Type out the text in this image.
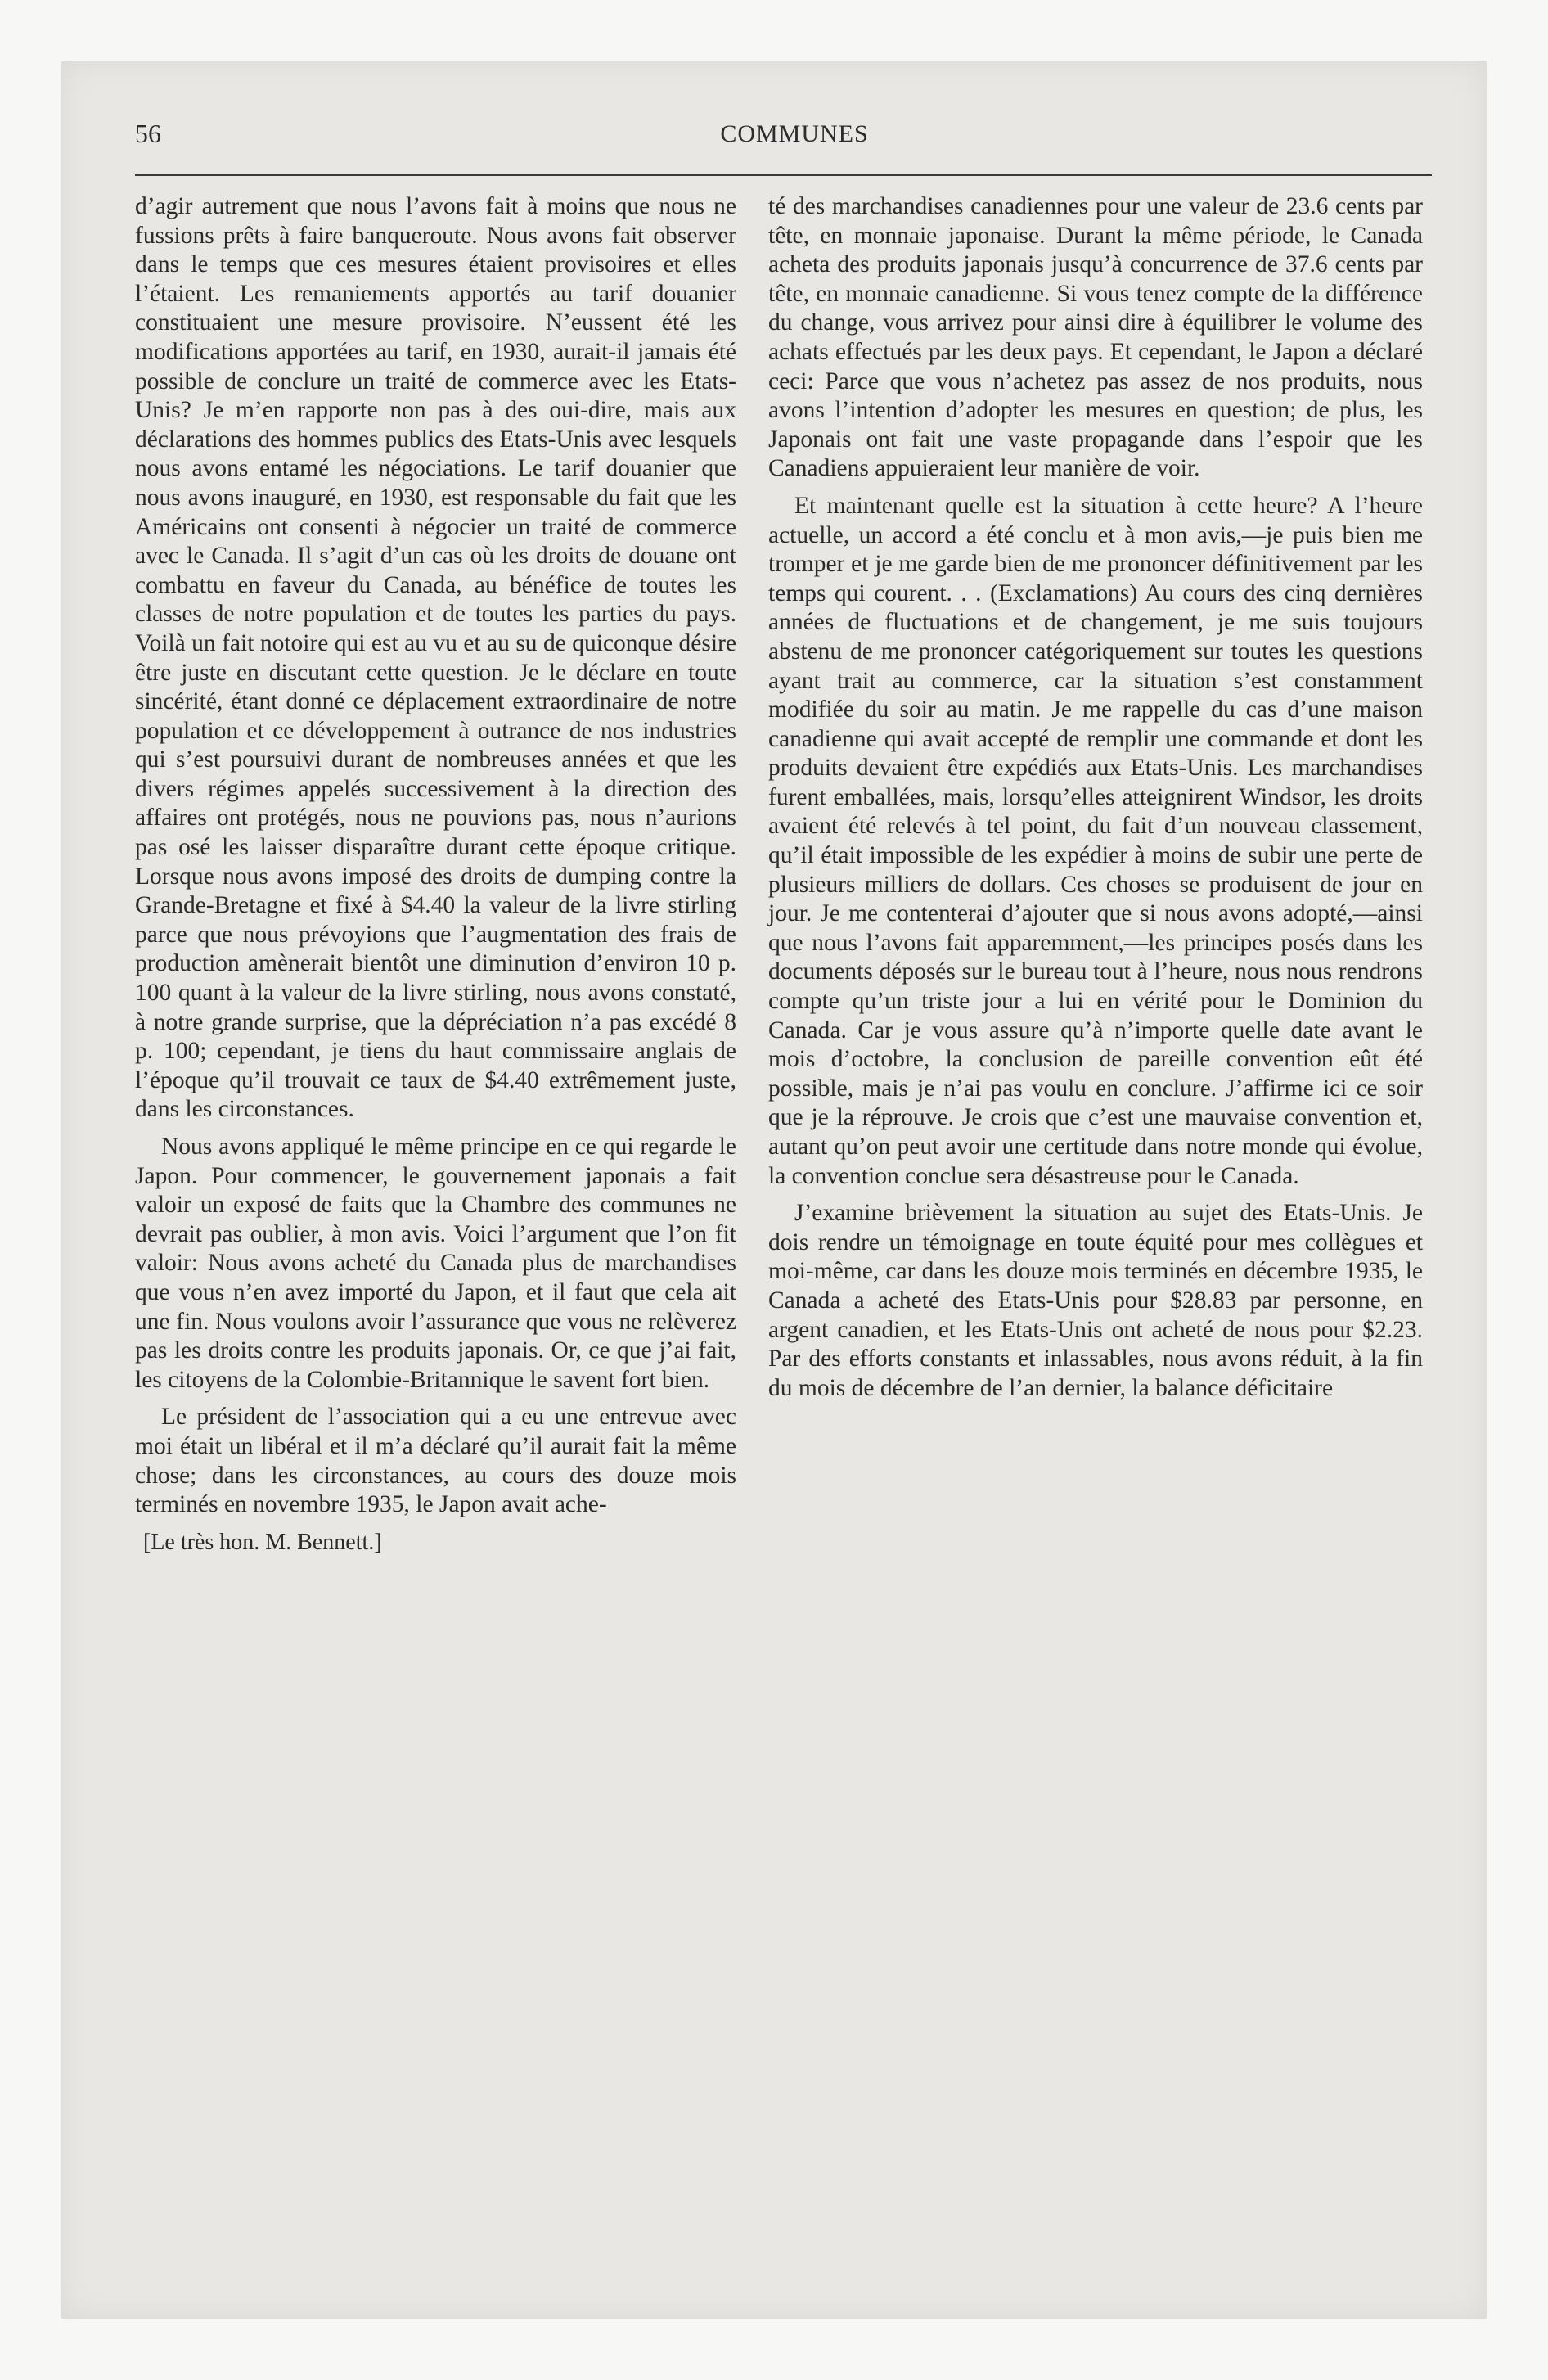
56	COMMUNES

d’agir autrement que nous l’avons fait à moins que nous ne fussions prêts à faire banqueroute. Nous avons fait observer dans le temps que ces mesures étaient provisoires et elles l’étaient. Les remaniements apportés au tarif douanier constituaient une mesure provisoire. N’eussent été les modifications apportées au tarif, en 1930, aurait-il jamais été possible de conclure un traité de commerce avec les Etats-Unis? Je m’en rapporte non pas à des oui-dire, mais aux déclarations des hommes publics des Etats-Unis avec lesquels nous avons entamé les négociations. Le tarif douanier que nous avons inauguré, en 1930, est responsable du fait que les Américains ont consenti à négocier un traité de commerce avec le Canada. Il s’agit d’un cas où les droits de douane ont combattu en faveur du Canada, au bénéfice de toutes les classes de notre population et de toutes les parties du pays. Voilà un fait notoire qui est au vu et au su de quiconque désire être juste en discutant cette question. Je le déclare en toute sincérité, étant donné ce déplacement extraordinaire de notre population et ce développement à outrance de nos industries qui s’est poursuivi durant de nombreuses années et que les divers régimes appelés successivement à la direction des affaires ont protégés, nous ne pouvions pas, nous n’aurions pas osé les laisser disparaître durant cette époque critique. Lorsque nous avons imposé des droits de dumping contre la Grande-Bretagne et fixé à $4.40 la valeur de la livre stirling parce que nous prévoyions que l’augmentation des frais de production amènerait bientôt une diminution d’environ 10 p. 100 quant à la valeur de la livre stirling, nous avons constaté, à notre grande surprise, que la dépréciation n’a pas excédé 8 p. 100; cependant, je tiens du haut commissaire anglais de l’époque qu’il trouvait ce taux de $4.40 extrêmement juste, dans les circonstances.

Nous avons appliqué le même principe en ce qui regarde le Japon. Pour commencer, le gouvernement japonais a fait valoir un exposé de faits que la Chambre des communes ne devrait pas oublier, à mon avis. Voici l’argument que l’on fit valoir: Nous avons acheté du Canada plus de marchandises que vous n’en avez importé du Japon, et il faut que cela ait une fin. Nous voulons avoir l’assurance que vous ne relèverez pas les droits contre les produits japonais. Or, ce que j’ai fait, les citoyens de la Colombie-Britannique le savent fort bien.

Le président de l’association qui a eu une entrevue avec moi était un libéral et il m’a déclaré qu’il aurait fait la même chose; dans les circonstances, au cours des douze mois terminés en novembre 1935, le Japon avait ache-

[Le très hon. M. Bennett.]

té des marchandises canadiennes pour une valeur de 23.6 cents par tête, en monnaie japonaise. Durant la même période, le Canada acheta des produits japonais jusqu’à concurrence de 37.6 cents par tête, en monnaie canadienne. Si vous tenez compte de la différence du change, vous arrivez pour ainsi dire à équilibrer le volume des achats effectués par les deux pays. Et cependant, le Japon a déclaré ceci: Parce que vous n’achetez pas assez de nos produits, nous avons l’intention d’adopter les mesures en question; de plus, les Japonais ont fait une vaste propagande dans l’espoir que les Canadiens appuieraient leur manière de voir.

Et maintenant quelle est la situation à cette heure? A l’heure actuelle, un accord a été conclu et à mon avis,—je puis bien me tromper et je me garde bien de me prononcer définitivement par les temps qui courent. . . (Exclamations) Au cours des cinq dernières années de fluctuations et de changement, je me suis toujours abstenu de me prononcer catégoriquement sur toutes les questions ayant trait au commerce, car la situation s’est constamment modifiée du soir au matin. Je me rappelle du cas d’une maison canadienne qui avait accepté de remplir une commande et dont les produits devaient être expédiés aux Etats-Unis. Les marchandises furent emballées, mais, lorsqu’elles atteignirent Windsor, les droits avaient été relevés à tel point, du fait d’un nouveau classement, qu’il était impossible de les expédier à moins de subir une perte de plusieurs milliers de dollars. Ces choses se produisent de jour en jour. Je me contenterai d’ajouter que si nous avons adopté,—ainsi que nous l’avons fait apparemment,—les principes posés dans les documents déposés sur le bureau tout à l’heure, nous nous rendrons compte qu’un triste jour a lui en vérité pour le Dominion du Canada. Car je vous assure qu’à n’importe quelle date avant le mois d’octobre, la conclusion de pareille convention eût été possible, mais je n’ai pas voulu en conclure. J’affirme ici ce soir que je la réprouve. Je crois que c’est une mauvaise convention et, autant qu’on peut avoir une certitude dans notre monde qui évolue, la convention conclue sera désastreuse pour le Canada.

J’examine brièvement la situation au sujet des Etats-Unis. Je dois rendre un témoignage en toute équité pour mes collègues et moi-même, car dans les douze mois terminés en décembre 1935, le Canada a acheté des Etats-Unis pour $28.83 par personne, en argent canadien, et les Etats-Unis ont acheté de nous pour $2.23. Par des efforts constants et inlassables, nous avons réduit, à la fin du mois de décembre de l’an dernier, la balance déficitaire
